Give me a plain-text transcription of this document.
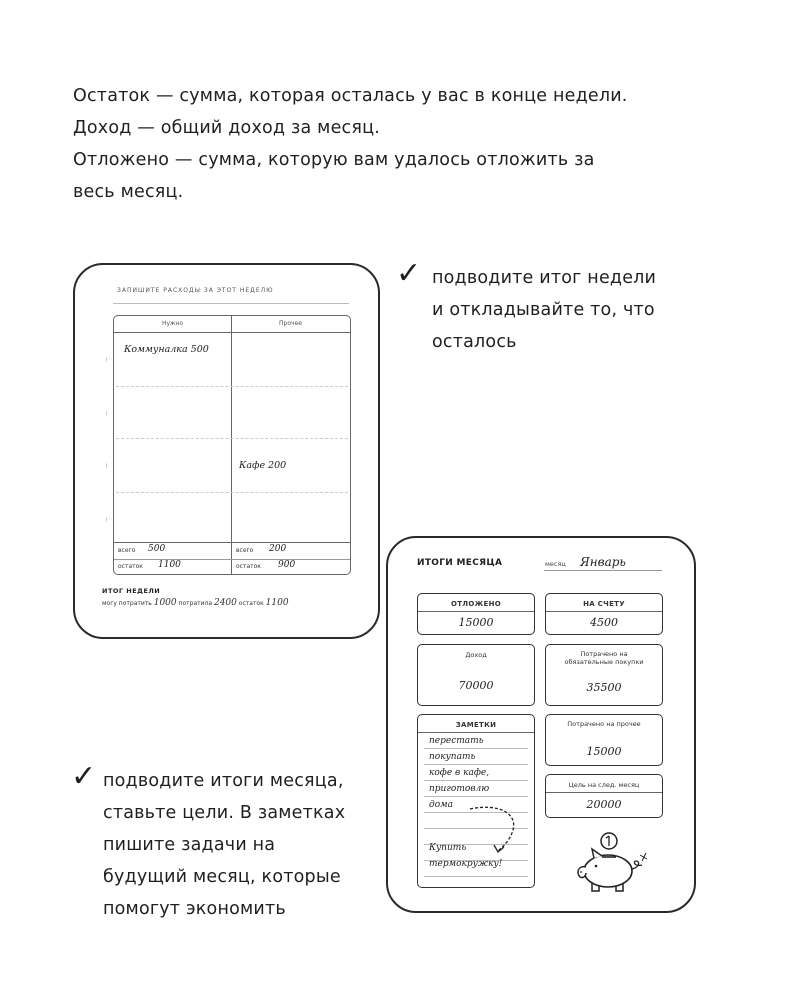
Остаток — сумма, которая осталась у вас в конце недели.

Доход — общий доход за месяц.

Отложено — сумма, которую вам удалось отложить за

весь месяц.

ЗАПИШИТЕ РАСХОДЫ ЗА ЭТОТ НЕДЕЛЮ
Нужно	Прочее
—
—
—
—
Коммуналка 500
Кафе 200
всего 500
остаток 1100
всего 200
остаток 900
ИТОГ НЕДЕЛИ
могу потратить 1000 потратила 2400 остаток 1100
✓ подводите итог недели
и откладывайте то, что
осталось
ИТОГИ МЕСЯЦА	месяц Январь
ОТЛОЖЕНО
15000
НА СЧЕТУ
4500
Доход
70000
Потрачено на обязательные покупки
35500
ЗАМЕТКИ
перестать
покупать
кофе в кафе,
приготовлю
дома
Купить
термокружку!
Потрачено на прочее
15000
Цель на след. месяц
20000
✓ подводите итоги месяца,
ставьте цели. В заметках
пишите задачи на
будущий месяц, которые
помогут экономить
